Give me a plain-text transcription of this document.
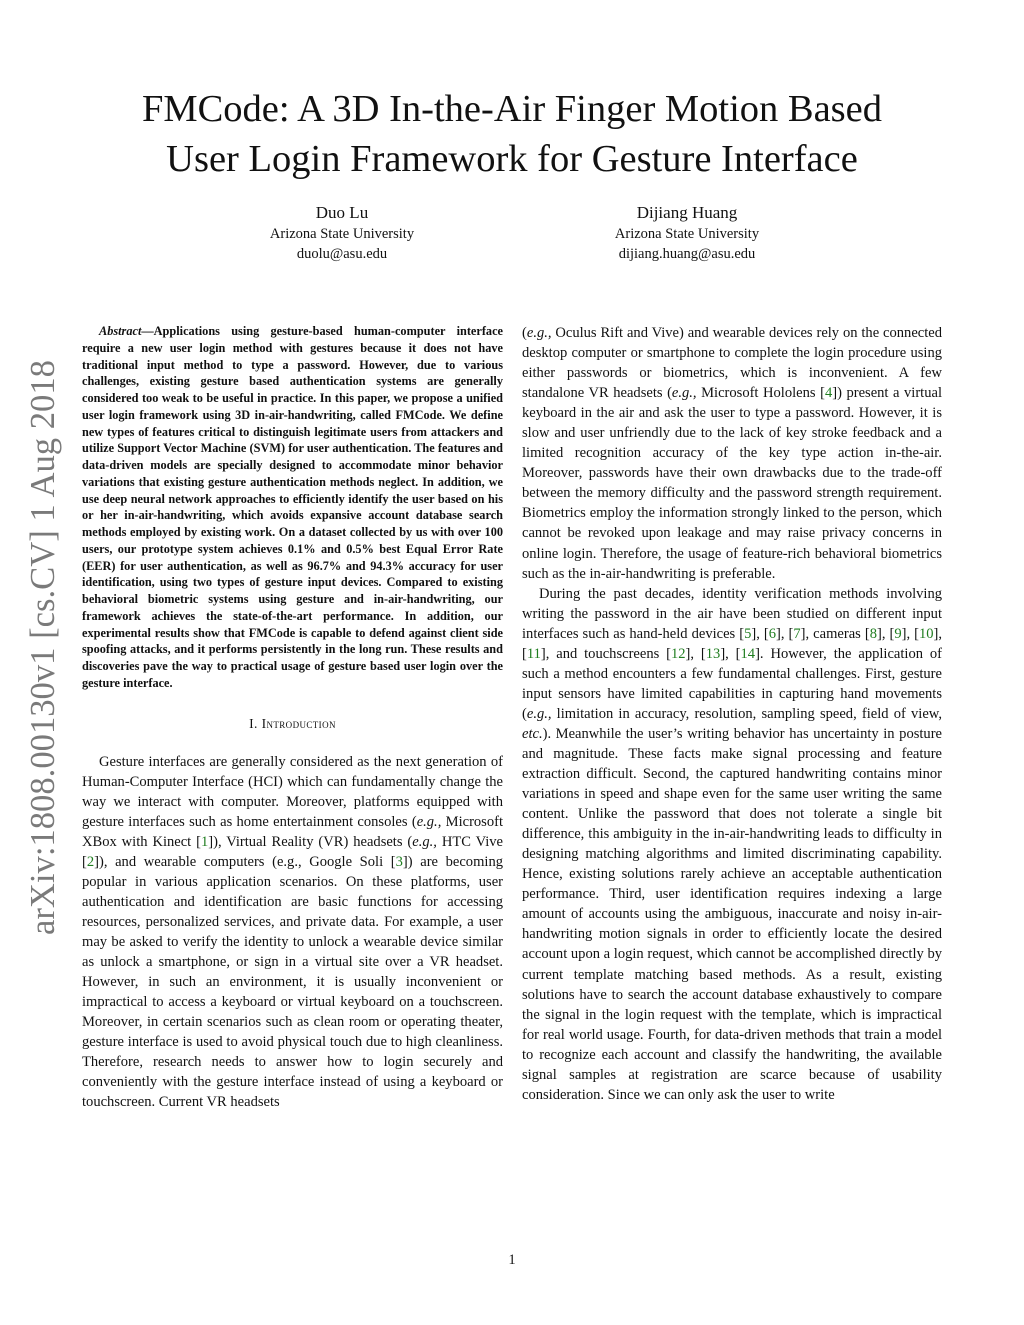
arXiv:1808.00130v1 [cs.CV] 1 Aug 2018
FMCode: A 3D In-the-Air Finger Motion Based
User Login Framework for Gesture Interface
Duo Lu
Arizona State University
duolu@asu.edu
Dijiang Huang
Arizona State University
dijiang.huang@asu.edu

Abstract—Applications using gesture-based human-computer interface require a new user login method with gestures because it does not have traditional input method to type a password. However, due to various challenges, existing gesture based authentication systems are generally considered too weak to be useful in practice. In this paper, we propose a unified user login framework using 3D in-air-handwriting, called FMCode. We define new types of features critical to distinguish legitimate users from attackers and utilize Support Vector Machine (SVM) for user authentication. The features and data-driven models are specially designed to accommodate minor behavior variations that existing gesture authentication methods neglect. In addition, we use deep neural network approaches to efficiently identify the user based on his or her in-air-handwriting, which avoids expansive account database search methods employed by existing work. On a dataset collected by us with over 100 users, our prototype system achieves 0.1% and 0.5% best Equal Error Rate (EER) for user authentication, as well as 96.7% and 94.3% accuracy for user identification, using two types of gesture input devices. Compared to existing behavioral biometric systems using gesture and in-air-handwriting, our framework achieves the state-of-the-art performance. In addition, our experimental results show that FMCode is capable to defend against client side spoofing attacks, and it performs persistently in the long run. These results and discoveries pave the way to practical usage of gesture based user login over the gesture interface.

I. Introduction

Gesture interfaces are generally considered as the next generation of Human-Computer Interface (HCI) which can fundamentally change the way we interact with computer. Moreover, platforms equipped with gesture interfaces such as home entertainment consoles (e.g., Microsoft XBox with Kinect [1]), Virtual Reality (VR) headsets (e.g., HTC Vive [2]), and wearable computers (e.g., Google Soli [3]) are becoming popular in various application scenarios. On these platforms, user authentication and identification are basic functions for accessing resources, personalized services, and private data. For example, a user may be asked to verify the identity to unlock a wearable device similar as unlock a smartphone, or sign in a virtual site over a VR headset. However, in such an environment, it is usually inconvenient or impractical to access a keyboard or virtual keyboard on a touchscreen. Moreover, in certain scenarios such as clean room or operating theater, gesture interface is used to avoid physical touch due to high cleanliness. Therefore, research needs to answer how to login securely and conveniently with the gesture interface instead of using a keyboard or touchscreen. Current VR headsets

(e.g., Oculus Rift and Vive) and wearable devices rely on the connected desktop computer or smartphone to complete the login procedure using either passwords or biometrics, which is inconvenient. A few standalone VR headsets (e.g., Microsoft Hololens [4]) present a virtual keyboard in the air and ask the user to type a password. However, it is slow and user unfriendly due to the lack of key stroke feedback and a limited recognition accuracy of the key type action in-the-air. Moreover, passwords have their own drawbacks due to the trade-off between the memory difficulty and the password strength requirement. Biometrics employ the information strongly linked to the person, which cannot be revoked upon leakage and may raise privacy concerns in online login. Therefore, the usage of feature-rich behavioral biometrics such as the in-air-handwriting is preferable.

During the past decades, identity verification methods involving writing the password in the air have been studied on different input interfaces such as hand-held devices [5], [6], [7], cameras [8], [9], [10], [11], and touchscreens [12], [13], [14]. However, the application of such a method encounters a few fundamental challenges. First, gesture input sensors have limited capabilities in capturing hand movements (e.g., limitation in accuracy, resolution, sampling speed, field of view, etc.). Meanwhile the user’s writing behavior has uncertainty in posture and magnitude. These facts make signal processing and feature extraction difficult. Second, the captured handwriting contains minor variations in speed and shape even for the same user writing the same content. Unlike the password that does not tolerate a single bit difference, this ambiguity in the in-air-handwriting leads to difficulty in designing matching algorithms and limited discriminating capability. Hence, existing solutions rarely achieve an acceptable authentication performance. Third, user identification requires indexing a large amount of accounts using the ambiguous, inaccurate and noisy in-air-handwriting motion signals in order to efficiently locate the desired account upon a login request, which cannot be accomplished directly by current template matching based methods. As a result, existing solutions have to search the account database exhaustively to compare the signal in the login request with the template, which is impractical for real world usage. Fourth, for data-driven methods that train a model to recognize each account and classify the handwriting, the available signal samples at registration are scarce because of usability consideration. Since we can only ask the user to write

1
